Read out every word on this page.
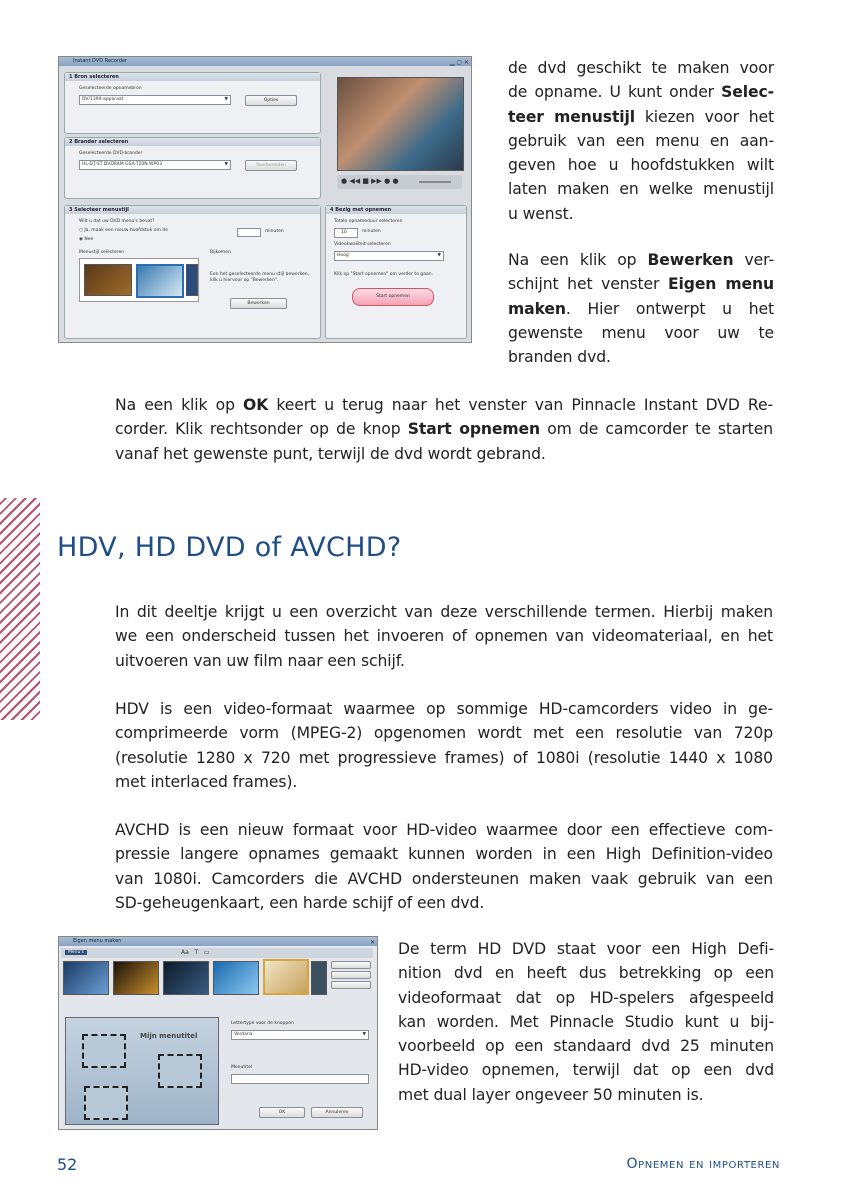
Instant DVD Recorder	▁ ▢ ✕
1 Bron selecteren
Geselecteerde opnamebron
DV/1394-apparaat	▼	Opties
2 Brander selecteren
Geselecteerde DVD-brander
HL-DT-ST DVDRAM GSA-T20N WP03	▼	Voorbereiden
● ◀◀ ■ ▶▶ ● ●
3 Selecteer menustijl
Wilt u dat uw DVD menu's bevat?
○ Ja, maak een nieuw hoofdstuk om de	minuten
◉ Nee
Menustijl selecteren	Bijkomen
Een het geselecteerde menu stijl bewerken, klik u hiervoor op "Bewerken".
Bewerken
4 Bezig met opnemen
Totale opnameduur selecteren
10	minuten
Videokwaliteit selecteren
Hoog	▼
Klik op "Start opnemen" om verder te gaan.
Start opnemen
de dvd geschikt te maken voor
de opname. U kunt onder Selec-
teer menustijl kiezen voor het
gebruik van een menu en aan-
geven hoe u hoofdstukken wilt
laten maken en welke menustijl
u wenst.
Na een klik op Bewerken ver-
schijnt het venster Eigen menu
maken. Hier ontwerpt u het
gewenste menu voor uw te
branden dvd.
Na een klik op OK keert u terug naar het venster van Pinnacle Instant DVD Re-
corder. Klik rechtsonder op de knop Start opnemen om de camcorder te starten
vanaf het gewenste punt, terwijl de dvd wordt gebrand.
HDV, HD DVD of AVCHD?
In dit deeltje krijgt u een overzicht van deze verschillende termen. Hierbij maken
we een onderscheid tussen het invoeren of opnemen van videomateriaal, en het
uitvoeren van uw film naar een schijf.
HDV is een video-formaat waarmee op sommige HD-camcorders video in ge-
comprimeerde vorm (MPEG-2) opgenomen wordt met een resolutie van 720p
(resolutie 1280 x 720 met progressieve frames) of 1080i (resolutie 1440 x 1080
met interlaced frames).
AVCHD is een nieuw formaat voor HD-video waarmee door een effectieve com-
pressie langere opnames gemaakt kunnen worden in een High Definition-video
van 1080i. Camcorders die AVCHD ondersteunen maken vaak gebruik van een
SD-geheugenkaart, een harde schijf of een dvd.
Eigen menu maken	✕
Menu's	Aa   T   ▭
Mijn menutitel
Lettertype voor de knoppen
Verdana	▼
Menutitel
OK	Annuleren
De term HD DVD staat voor een High Defi-
nition dvd en heeft dus betrekking op een
videoformaat dat op HD-spelers afgespeeld
kan worden. Met Pinnacle Studio kunt u bij-
voorbeeld op een standaard dvd 25 minuten
HD-video opnemen, terwijl dat op een dvd
met dual layer ongeveer 50 minuten is.
52	Opnemen en importeren
